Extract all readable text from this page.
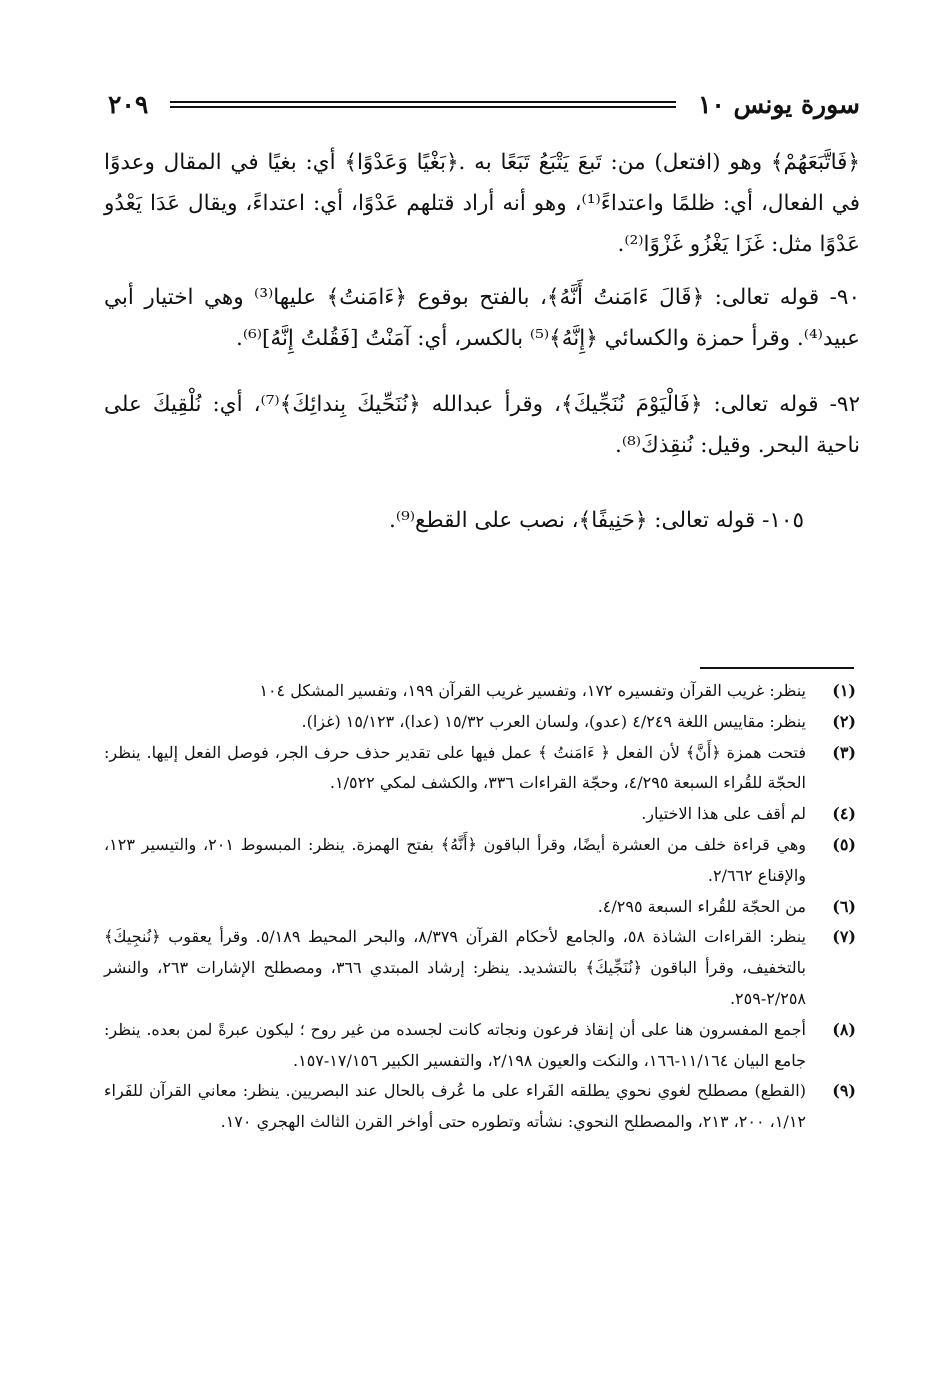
سورة يونس ١٠
٢٠٩

﴿فَاتَّبَعَهُمْ﴾ وهو (افتعل) من: تَبعَ يَتْبَعُ تَبَعًا به .﴿بَغْيًا وَعَدْوًا﴾ أي: بغيًا في المقال وعدوًا في الفعال، أي: ظلمًا واعتداءً⁽¹⁾، وهو أنه أراد قتلهم عَدْوًا، أي: اعتداءً، ويقال عَدَا يَعْدُو عَدْوًا مثل: غَزَا يَغْزُو غَزْوًا⁽²⁾.

٩٠- قوله تعالى: ﴿قَالَ ءَامَنتُ أَنَّهُ﴾، بالفتح بوقوع ﴿ءَامَنتُ﴾ عليها⁽³⁾ وهي اختيار أبي عبيد⁽⁴⁾. وقرأ حمزة والكسائي ﴿إِنَّهُ﴾⁽⁵⁾ بالكسر، أي: آمَنْتُ [فَقُلتُ إِنَّهُ]⁽⁶⁾.

٩٢- قوله تعالى: ﴿فَالْيَوْمَ نُنَجِّيكَ﴾، وقرأ عبدالله ﴿نُنَحِّيكَ بِندائِكَ﴾⁽⁷⁾، أي: نُلْقِيكَ على ناحية البحر. وقيل: نُنقِذكَ⁽⁸⁾.

١٠٥- قوله تعالى: ﴿حَنِيفًا﴾، نصب على القطع⁽⁹⁾.

(١)
ينظر: غريب القرآن وتفسيره ١٧٢، وتفسير غريب القرآن ١٩٩، وتفسير المشكل ١٠٤
(٢)
ينظر: مقاييس اللغة ٤/٢٤٩ (عدو)، ولسان العرب ١٥/٣٢ (عدا)، ١٥/١٢٣ (غزا).
(٣)
فتحت همزة ﴿أَنَّ﴾ لأن الفعل ﴿ ءَامَنتُ ﴾ عمل فيها على تقدير حذف حرف الجر، فوصل الفعل إليها. ينظر: الحجّة للقُراء السبعة ٤/٢٩٥، وحجّة القراءات ٣٣٦، والكشف لمكي ١/٥٢٢.
(٤)
لم أقف على هذا الاختيار.
(٥)
وهي قراءة خلف من العشرة أيضًا، وقرأ الباقون ﴿أَنَّهُ﴾ بفتح الهمزة. ينظر: المبسوط ٢٠١، والتيسير ١٢٣، والإقناع ٢/٦٦٢.
(٦)
من الحجّة للقُراء السبعة ٤/٢٩٥.
(٧)
ينظر: القراءات الشاذة ٥٨، والجامع لأحكام القرآن ٨/٣٧٩، والبحر المحيط ٥/١٨٩. وقرأ يعقوب ﴿نُنجِيكَ﴾ بالتخفيف، وقرأ الباقون ﴿نُنَجِّيكَ﴾ بالتشديد. ينظر: إرشاد المبتدي ٣٦٦، ومصطلح الإشارات ٢٦٣، والنشر ٢/٢٥٨-٢٥٩.
(٨)
أجمع المفسرون هنا على أن إنقاذ فرعون ونجاته كانت لجسده من غير روح ؛ ليكون عبرةً لمن بعده. ينظر: جامع البيان ١١/١٦٤-١٦٦، والنكت والعيون ٢/١٩٨، والتفسير الكبير ١٧/١٥٦-١٥٧.
(٩)
(القطع) مصطلح لغوي نحوي يطلقه الفَراء على ما عُرف بالحال عند البصريين. ينظر: معاني القرآن للفَراء ١/١٢، ٢٠٠، ٢١٣، والمصطلح النحوي: نشأته وتطوره حتى أواخر القرن الثالث الهجري ١٧٠.
